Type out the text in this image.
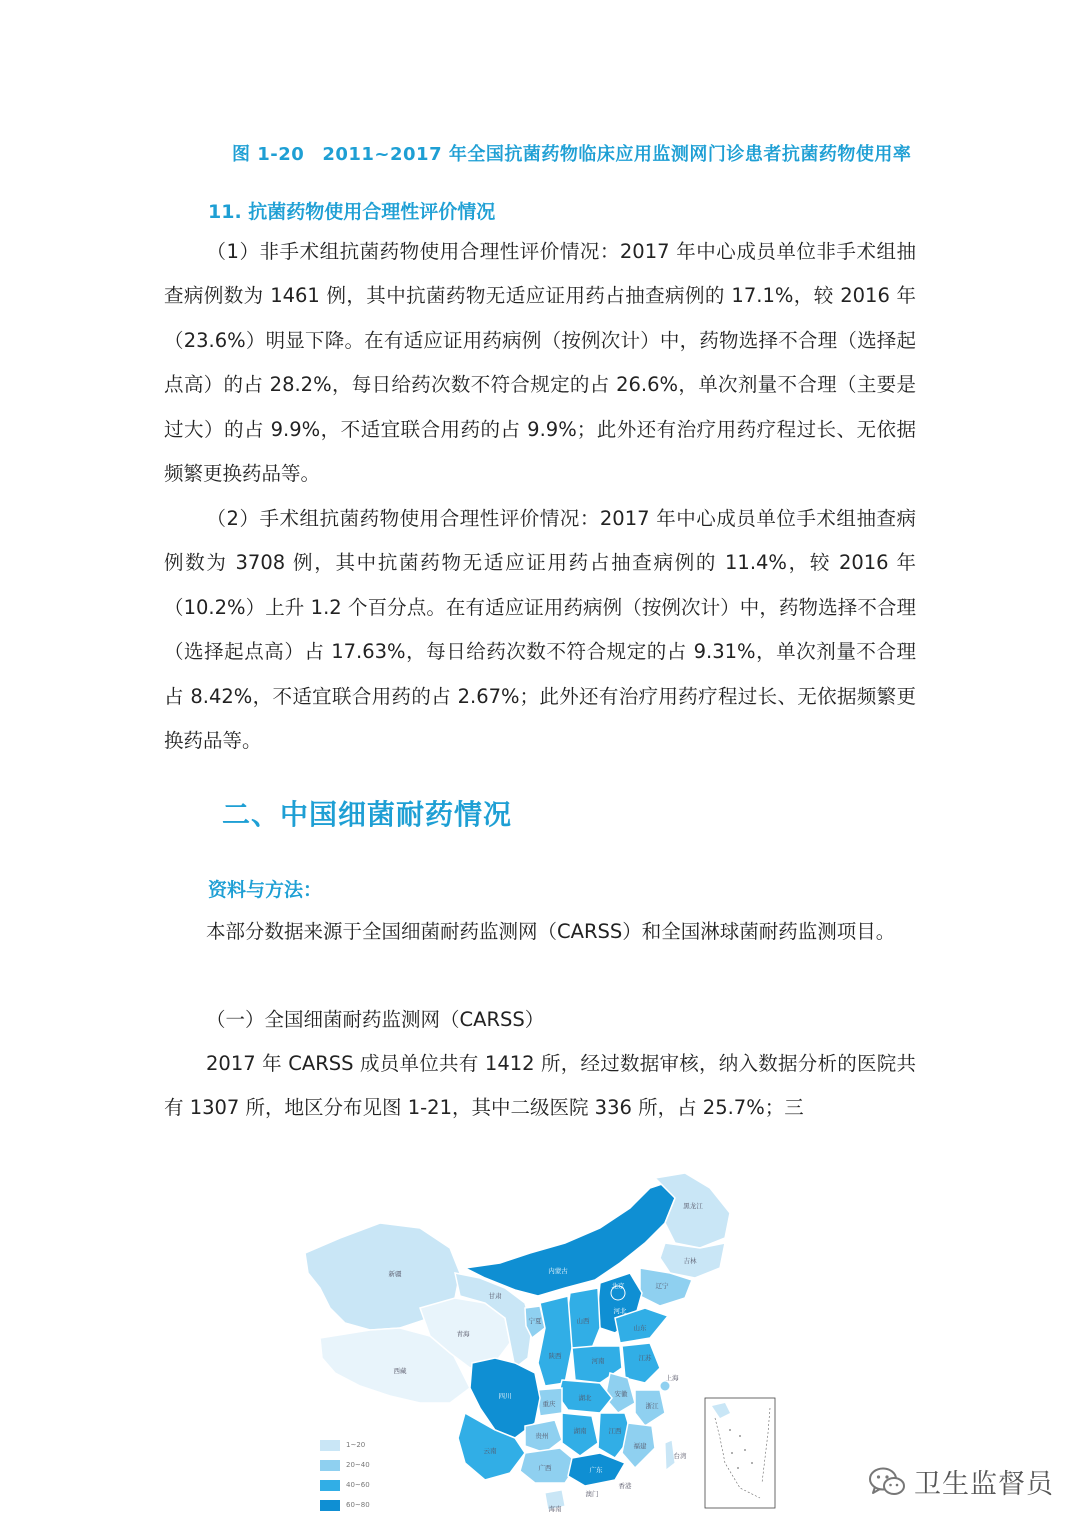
图 1-20 2011~2017 年全国抗菌药物临床应用监测网门诊患者抗菌药物使用率
11. 抗菌药物使用合理性评价情况
（1）非手术组抗菌药物使用合理性评价情况：2017 年中心成员单位非手术组抽查病例数为 1461 例，其中抗菌药物无适应证用药占抽查病例的 17.1%，较 2016 年（23.6%）明显下降。在有适应证用药病例（按例次计）中，药物选择不合理（选择起点高）的占 28.2%，每日给药次数不符合规定的占 26.6%，单次剂量不合理（主要是过大）的占 9.9%，不适宜联合用药的占 9.9%；此外还有治疗用药疗程过长、无依据频繁更换药品等。
（2）手术组抗菌药物使用合理性评价情况：2017 年中心成员单位手术组抽查病例数为 3708 例，其中抗菌药物无适应证用药占抽查病例的 11.4%，较 2016 年（10.2%）上升 1.2 个百分点。在有适应证用药病例（按例次计）中，药物选择不合理（选择起点高）占 17.63%，每日给药次数不符合规定的占 9.31%，单次剂量不合理占 8.42%，不适宜联合用药的占 2.67%；此外还有治疗用药疗程过长、无依据频繁更换药品等。
二、中国细菌耐药情况
资料与方法：
本部分数据来源于全国细菌耐药监测网（CARSS）和全国淋球菌耐药监测项目。
（一）全国细菌耐药监测网（CARSS）
2017 年 CARSS 成员单位共有 1412 所，经过数据审核，纳入数据分析的医院共有 1307 所，地区分布见图 1-21，其中二级医院 336 所，占 25.7%；三
新疆
西藏
青海
甘肃
内蒙古
黑龙江
吉林
辽宁
北京
河北
山西
山东
宁夏
陕西
河南	江苏
上海
四川
重庆
湖北	安徽
浙江
贵州
湖南	江西
福建
台湾
云南
广西	广东
香港
澳门
海南
1~20
20~40
40~60
60~80
卫生监督员
